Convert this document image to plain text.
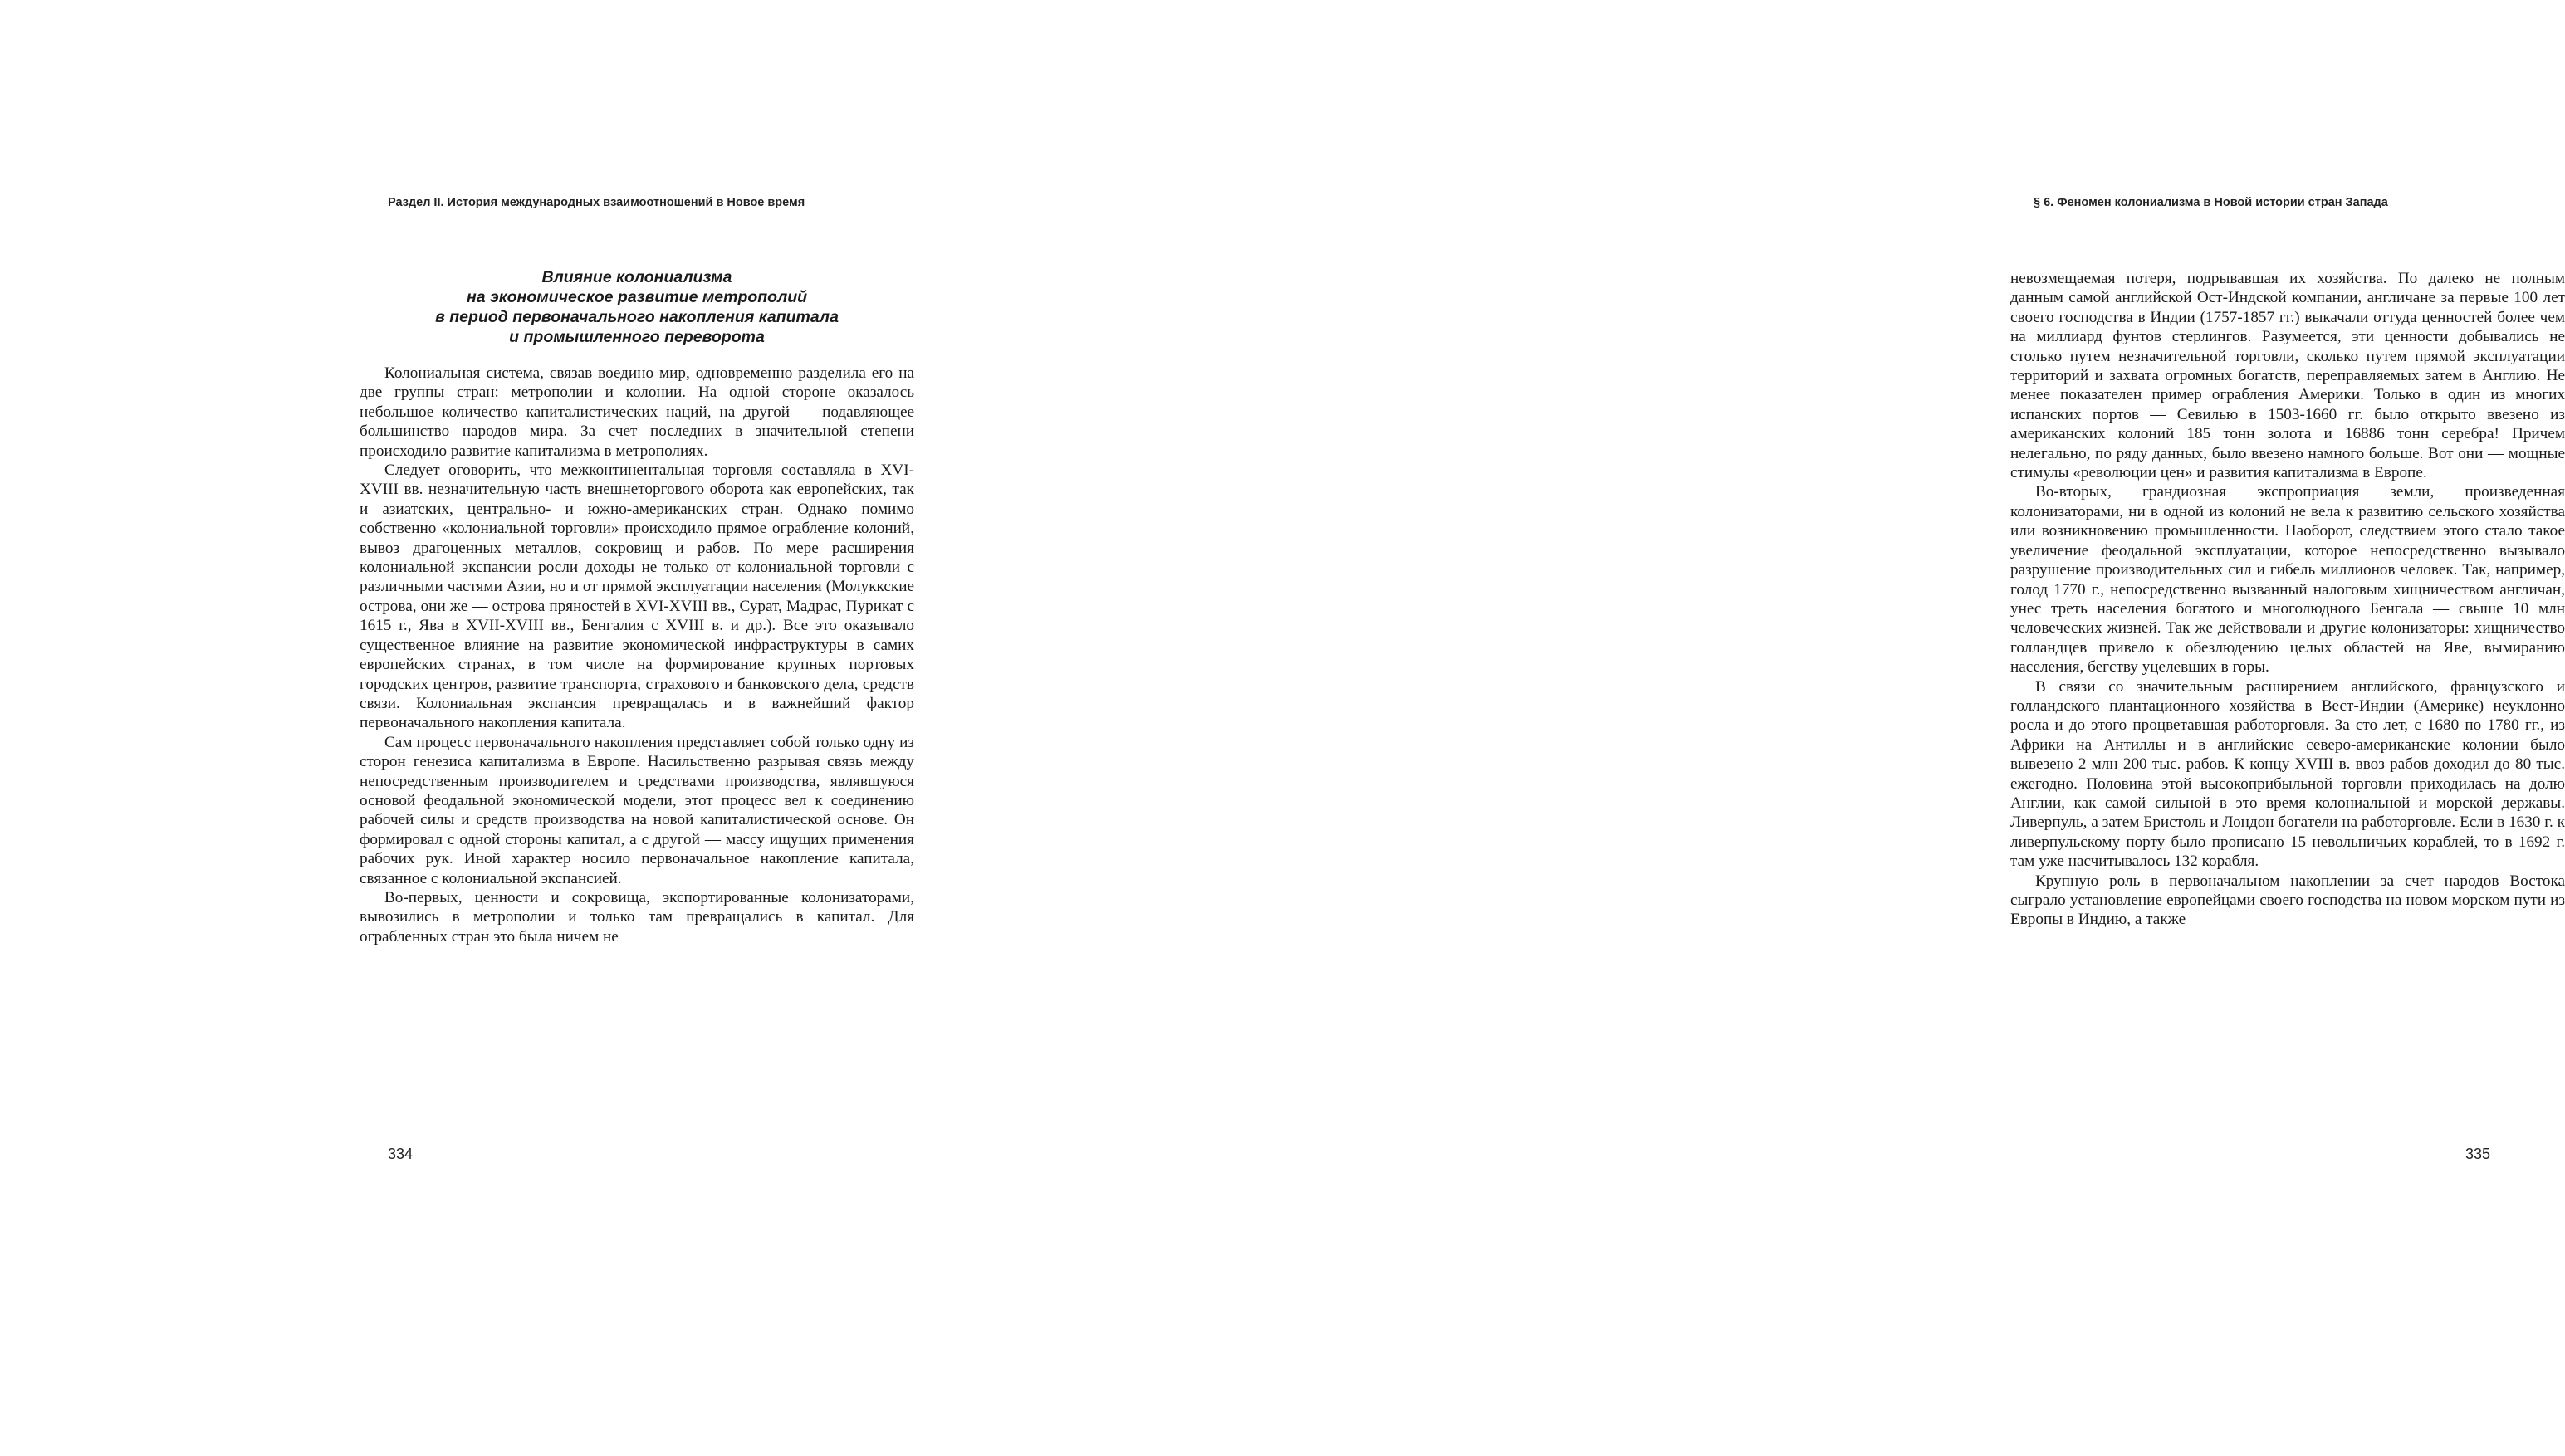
Раздел II. История международных взаимоотношений в Новое время
Влияние колониализма
на экономическое развитие метрополий
в период первоначального накопления капитала
и промышленного переворота

Колониальная система, связав воедино мир, одновременно разделила его на две группы стран: метрополии и колонии. На одной стороне оказалось небольшое количество капиталистических наций, на другой — подавляющее большинство народов мира. За счет последних в значительной степени происходило развитие капитализма в метрополиях.

Следует оговорить, что межконтинентальная торговля составляла в XVI-XVIII вв. незначительную часть внешнеторгового оборота как европейских, так и азиатских, центрально- и южно-американских стран. Однако помимо собственно «колониальной торговли» происходило прямое ограбление колоний, вывоз драгоценных металлов, сокровищ и рабов. По мере расширения колониальной экспансии росли доходы не только от колониальной торговли с различными частями Азии, но и от прямой эксплуатации населения (Молуккские острова, они же — острова пряностей в XVI-XVIII вв., Сурат, Мадрас, Пурикат с 1615 г., Ява в XVII-XVIII вв., Бенгалия с XVIII в. и др.). Все это оказывало существенное влияние на развитие экономической инфраструктуры в самих европейских странах, в том числе на формирование крупных портовых городских центров, развитие транспорта, страхового и банковского дела, средств связи. Колониальная экспансия превращалась и в важнейший фактор первоначального накопления капитала.

Сам процесс первоначального накопления представляет собой только одну из сторон генезиса капитализма в Европе. Насильственно разрывая связь между непосредственным производителем и средствами производства, являвшуюся основой феодальной экономической модели, этот процесс вел к соединению рабочей силы и средств производства на новой капиталистической основе. Он формировал с одной стороны капитал, а с другой — массу ищущих применения рабочих рук. Иной характер носило первоначальное накопление капитала, связанное с колониальной экспансией.

Во-первых, ценности и сокровища, экспортированные колонизаторами, вывозились в метрополии и только там превращались в капитал. Для ограбленных стран это была ничем не

334
§ 6. Феномен колониализма в Новой истории стран Запада

невозмещаемая потеря, подрывавшая их хозяйства. По далеко не полным данным самой английской Ост-Индской компании, англичане за первые 100 лет своего господства в Индии (1757-1857 гг.) выкачали оттуда ценностей более чем на миллиард фунтов стерлингов. Разумеется, эти ценности добывались не столько путем незначительной торговли, сколько путем прямой эксплуатации территорий и захвата огромных богатств, переправляемых затем в Англию. Не менее показателен пример ограбления Америки. Только в один из многих испанских портов — Севилью в 1503-1660 гг. было открыто ввезено из американских колоний 185 тонн золота и 16886 тонн серебра! Причем нелегально, по ряду данных, было ввезено намного больше. Вот они — мощные стимулы «революции цен» и развития капитализма в Европе.

Во-вторых, грандиозная экспроприация земли, произведенная колонизаторами, ни в одной из колоний не вела к развитию сельского хозяйства или возникновению промышленности. Наоборот, следствием этого стало такое увеличение феодальной эксплуатации, которое непосредственно вызывало разрушение производительных сил и гибель миллионов человек. Так, например, голод 1770 г., непосредственно вызванный налоговым хищничеством англичан, унес треть населения богатого и многолюдного Бенгала — свыше 10 млн человеческих жизней. Так же действовали и другие колонизаторы: хищничество голландцев привело к обезлюдению целых областей на Яве, вымиранию населения, бегству уцелевших в горы.

В связи со значительным расширением английского, французского и голландского плантационного хозяйства в Вест-Индии (Америке) неуклонно росла и до этого процветавшая работорговля. За сто лет, с 1680 по 1780 гг., из Африки на Антиллы и в английские северо-американские колонии было вывезено 2 млн 200 тыс. рабов. К концу XVIII в. ввоз рабов доходил до 80 тыс. ежегодно. Половина этой высокоприбыльной торговли приходилась на долю Англии, как самой сильной в это время колониальной и морской державы. Ливерпуль, а затем Бристоль и Лондон богатели на работорговле. Если в 1630 г. к ливерпульскому порту было прописано 15 невольничьих кораблей, то в 1692 г. там уже насчитывалось 132 корабля.

Крупную роль в первоначальном накоплении за счет народов Востока сыграло установление европейцами своего господства на новом морском пути из Европы в Индию, а также

335
